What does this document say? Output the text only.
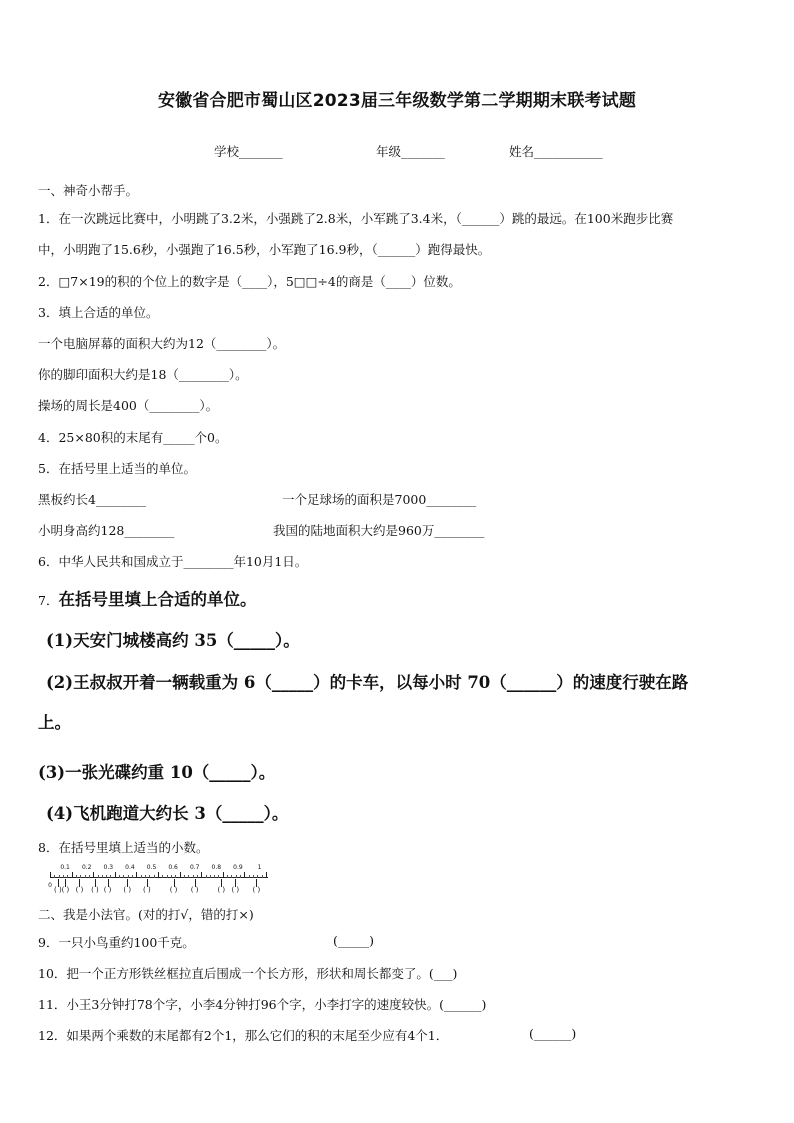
安徽省合肥市蜀山区2023届三年级数学第二学期期末联考试题
学校_______	年级_______	姓名___________
一、神奇小帮手。
1．在一次跳远比赛中，小明跳了3.2米，小强跳了2.8米，小军跳了3.4米，（______）跳的最远。在100米跑步比赛
中，小明跑了15.6秒，小强跑了16.5秒，小军跑了16.9秒，（______）跑得最快。
2．□7×19的积的个位上的数字是（____），5□□÷4的商是（____）位数。
3．填上合适的单位。
一个电脑屏幕的面积大约为12（________）。
你的脚印面积大约是18（________）。
操场的周长是400（________）。
4．25×80积的末尾有_____个0。
5．在括号里上适当的单位。
黑板约长4________	一个足球场的面积是7000________
小明身高约128________	我国的陆地面积大约是960万________
6．中华人民共和国成立于________年10月1日。
7．在括号里填上合适的单位。
(1)天安门城楼高约 35（_____）。
(2)王叔叔开着一辆载重为 6（_____）的卡车，以每小时 70（______）的速度行驶在路
上。
(3)一张光碟约重 10（_____）。
(4)飞机跑道大约长 3（_____）。
8．在括号里填上适当的小数。
0
0.1 0.2 0.3 0.4 0.5 0.6 0.7 0.8 0.9 1
( ) ( ) ( ) ( ) ( ) ( ) ( )	( ) ( )	( ) ( ) ( )
二、我是小法官。(对的打√，错的打×)
9．一只小鸟重约100千克。	(_____)
10．把一个正方形铁丝框拉直后围成一个长方形，形状和周长都变了。(___)
11．小王3分钟打78个字，小李4分钟打96个字，小李打字的速度较快。(______)
12．如果两个乘数的末尾都有2个1，那么它们的积的末尾至少应有4个1．	(______)
